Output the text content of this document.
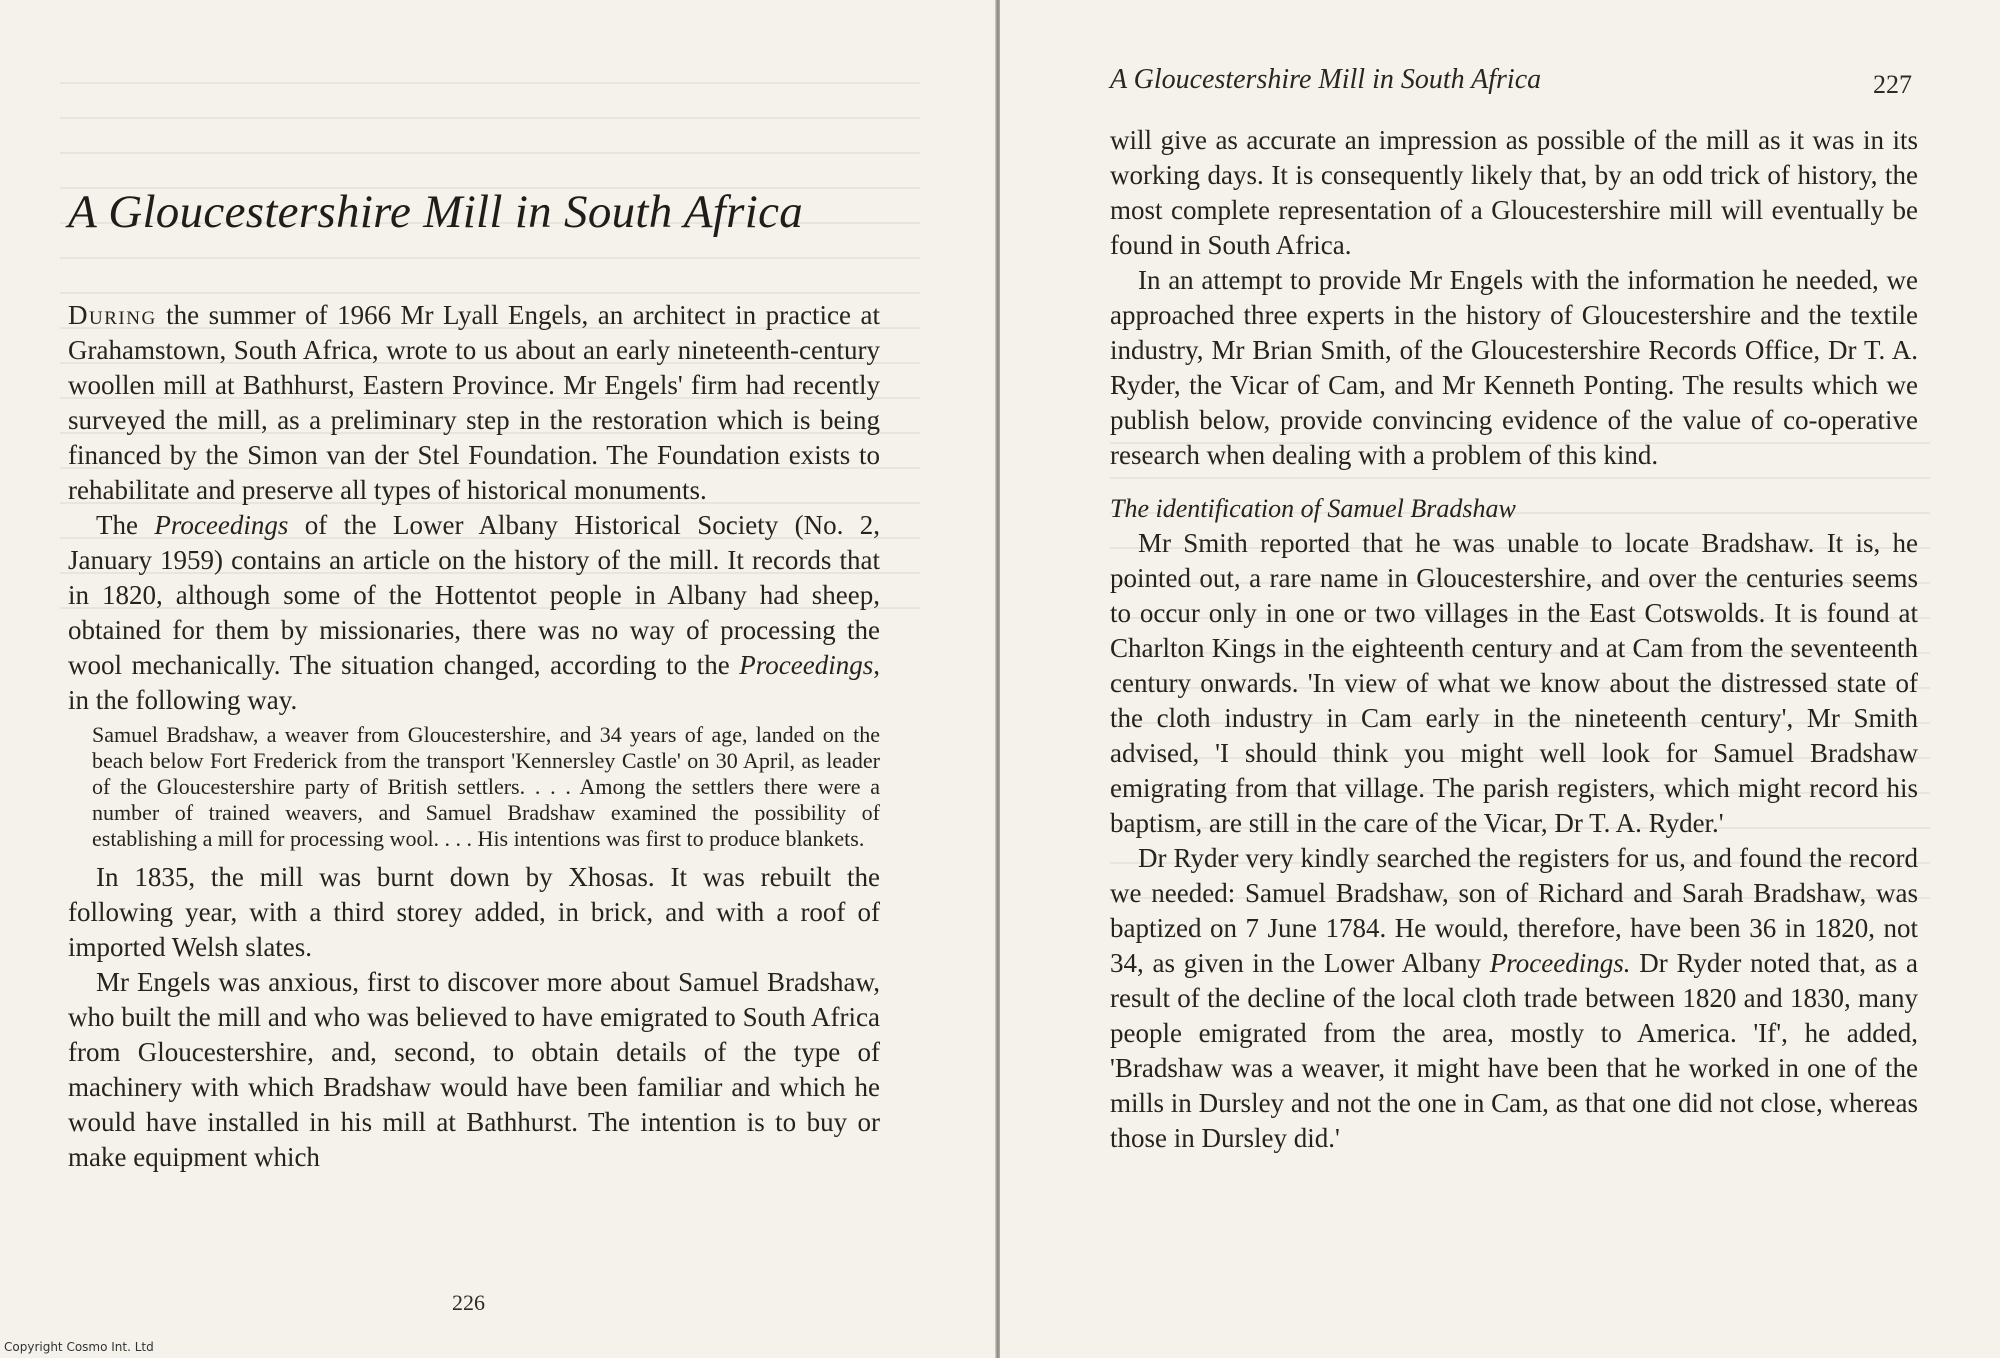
A Gloucestershire Mill in South Africa

During the summer of 1966 Mr Lyall Engels, an architect in practice at Grahamstown, South Africa, wrote to us about an early nineteenth-century woollen mill at Bathhurst, Eastern Province. Mr Engels' firm had recently surveyed the mill, as a preliminary step in the restoration which is being financed by the Simon van der Stel Foundation. The Foundation exists to rehabilitate and preserve all types of historical monuments.

The Proceedings of the Lower Albany Historical Society (No. 2, January 1959) contains an article on the history of the mill. It records that in 1820, although some of the Hottentot people in Albany had sheep, obtained for them by missionaries, there was no way of processing the wool mechanically. The situation changed, according to the Proceedings, in the following way.

Samuel Bradshaw, a weaver from Gloucestershire, and 34 years of age, landed on the beach below Fort Frederick from the transport 'Kennersley Castle' on 30 April, as leader of the Gloucestershire party of British settlers. . . . Among the settlers there were a number of trained weavers, and Samuel Bradshaw examined the possibility of establishing a mill for processing wool. . . . His intentions was first to produce blankets.

In 1835, the mill was burnt down by Xhosas. It was rebuilt the following year, with a third storey added, in brick, and with a roof of imported Welsh slates.

Mr Engels was anxious, first to discover more about Samuel Bradshaw, who built the mill and who was believed to have emigrated to South Africa from Gloucestershire, and, second, to obtain details of the type of machinery with which Bradshaw would have been familiar and which he would have installed in his mill at Bathhurst. The intention is to buy or make equipment which

226
A Gloucestershire Mill in South Africa	227

will give as accurate an impression as possible of the mill as it was in its working days. It is consequently likely that, by an odd trick of history, the most complete representation of a Gloucestershire mill will eventually be found in South Africa.

In an attempt to provide Mr Engels with the information he needed, we approached three experts in the history of Gloucestershire and the textile industry, Mr Brian Smith, of the Gloucestershire Records Office, Dr T. A. Ryder, the Vicar of Cam, and Mr Kenneth Ponting. The results which we publish below, provide convincing evidence of the value of co-operative research when dealing with a problem of this kind.

The identification of Samuel Bradshaw

Mr Smith reported that he was unable to locate Bradshaw. It is, he pointed out, a rare name in Gloucestershire, and over the centuries seems to occur only in one or two villages in the East Cotswolds. It is found at Charlton Kings in the eighteenth century and at Cam from the seventeenth century onwards. 'In view of what we know about the distressed state of the cloth industry in Cam early in the nineteenth century', Mr Smith advised, 'I should think you might well look for Samuel Bradshaw emigrating from that village. The parish registers, which might record his baptism, are still in the care of the Vicar, Dr T. A. Ryder.'

Dr Ryder very kindly searched the registers for us, and found the record we needed: Samuel Bradshaw, son of Richard and Sarah Bradshaw, was baptized on 7 June 1784. He would, therefore, have been 36 in 1820, not 34, as given in the Lower Albany Proceedings. Dr Ryder noted that, as a result of the decline of the local cloth trade between 1820 and 1830, many people emigrated from the area, mostly to America. 'If', he added, 'Bradshaw was a weaver, it might have been that he worked in one of the mills in Dursley and not the one in Cam, as that one did not close, whereas those in Dursley did.'

Copyright Cosmo Int. Ltd
